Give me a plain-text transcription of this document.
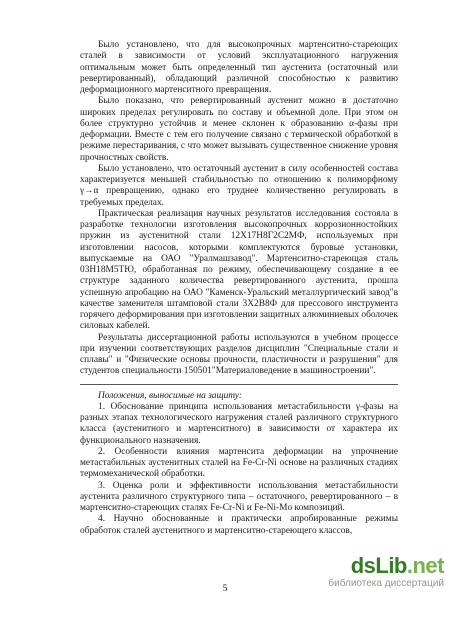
Было установлено, что для высокопрочных мартенситно-стареющих сталей в зависимости от условий эксплуатационного нагружения оптимальным может быть определенный тип аустенита (остаточный или ревертированный), обладающий различной способностью к развитию деформационного мартенситного превращения.

Было показано, что ревертированный аустенит можно в достаточно широких пределах регулировать по составу и объемной доле. При этом он более структурно устойчив и менее склонен к образованию α-фазы при деформации. Вместе с тем его получение связано с термической обработкой в режиме перестаривания, с что может вызывать существенное снижение уровня прочностных свойств.

Было установлено, что остаточный аустенит в силу особенностей состава характеризуется меньшей стабильностью по отношению к полиморфному γ→α превращению, однако его труднее количественно регулировать в требуемых пределах.

Практическая реализация научных результатов исследования состояла в разработке технологии изготовления высокопрочных коррозионностойких пружин из аустенитной стали 12Х17Н8Г2С2МФ, используемых при изготовлении насосов, которыми комплектуются буровые установки, выпускаемые на ОАО "Уралмашзавод". Мартенситно-стареющая сталь 03Н18М5ТЮ, обработанная по режиму, обеспечивающему создание в ее структуре заданного количества ревертированного аустенита, прошла успешную апробацию на ОАО "Каменск-Уральский металлургический завод"в качестве заменителя штамповой стали 3Х2В8Ф для прессового инструмента горячего деформирования при изготовлении защитных алюминиевых оболочек силовых кабелей.

Результаты диссертационной работы используются в учебном процессе при изучении соответствующих разделов дисциплин "Специальные стали и сплавы" и "Физические основы прочности, пластичности и разрушения" для студентов специальности 150501"Материаловедение в машиностроении".

Положения, выносимые на защиту:

1. Обоснование принципа использования метастабильности γ-фазы на разных этапах технологического нагружения сталей различного структурного класса (аустенитного и мартенситного) в зависимости от характера их функционального назначения.

2. Особенности влияния мартенсита деформации на упрочнение метастабильных аустенитных сталей на Fe-Cr-Ni основе на различных стадиях термомеханической обработки.

3. Оценка роли и эффективности использования метастабильности аустенита различного структурного типа – остаточного, ревертированного – в мартенситно-стареющих сталях Fe-Cr-Ni и Fe-Ni-Mo композиций.

4. Научно обоснованные и практически апробированные режимы обработок сталей аустенитного и мартенситно-стареющего классов,

5
dsLib.net
библиотека диссертаций
